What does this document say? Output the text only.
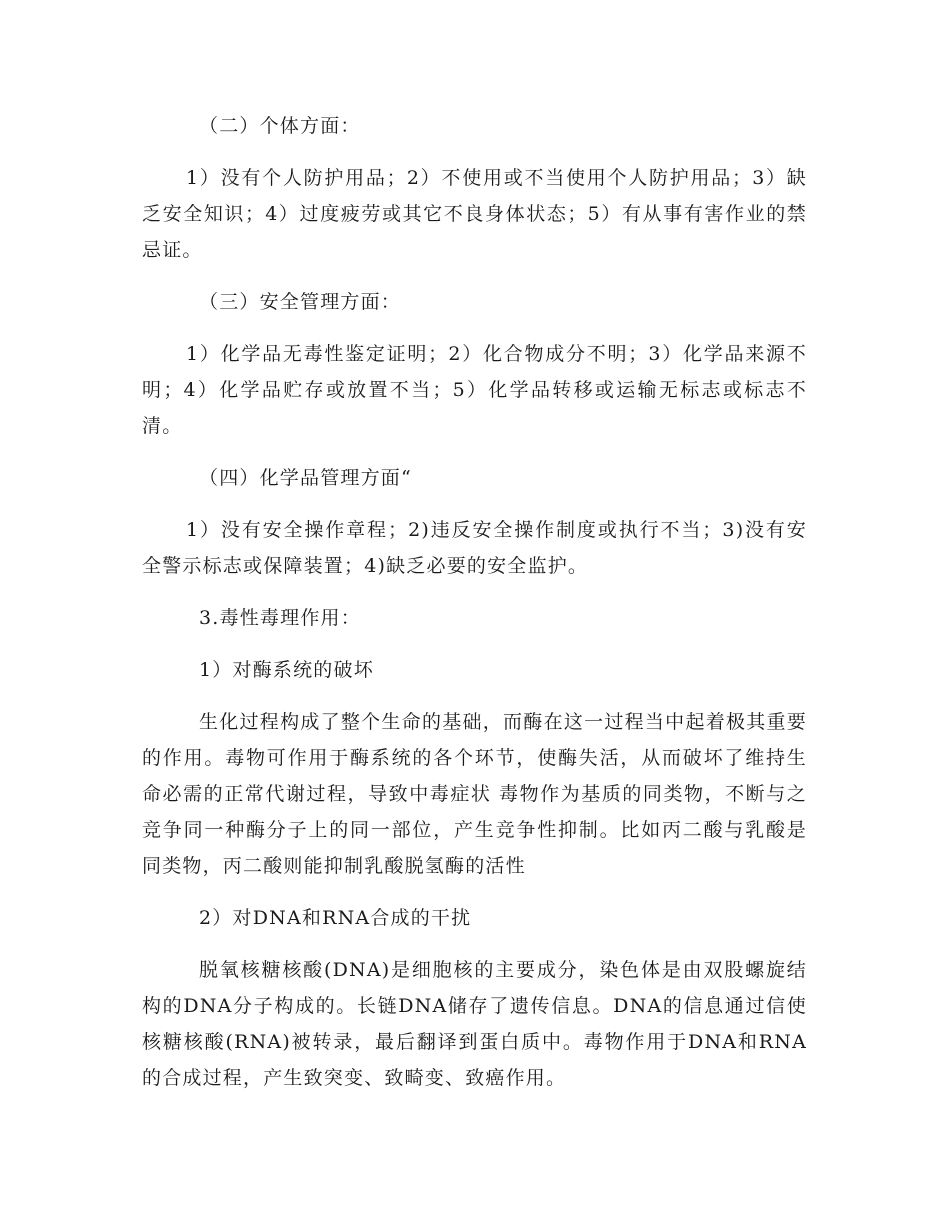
（二）个体方面：

1）没有个人防护用品；2）不使用或不当使用个人防护用品；3）缺乏安全知识；4）过度疲劳或其它不良身体状态；5）有从事有害作业的禁忌证。

（三）安全管理方面：

1）化学品无毒性鉴定证明；2）化合物成分不明；3）化学品来源不明；4）化学品贮存或放置不当；5）化学品转移或运输无标志或标志不清。

（四）化学品管理方面“

1）没有安全操作章程；2)违反安全操作制度或执行不当；3)没有安全警示标志或保障装置；4)缺乏必要的安全监护。

3.毒性毒理作用：
1）对酶系统的破坏

生化过程构成了整个生命的基础，而酶在这一过程当中起着极其重要的作用。毒物可作用于酶系统的各个环节，使酶失活，从而破坏了维持生命必需的正常代谢过程，导致中毒症状 毒物作为基质的同类物，不断与之竞争同一种酶分子上的同一部位，产生竞争性抑制。比如丙二酸与乳酸是同类物，丙二酸则能抑制乳酸脱氢酶的活性

2）对DNA和RNA合成的干扰

脱氧核糖核酸(DNA)是细胞核的主要成分，染色体是由双股螺旋结构的DNA分子构成的。长链DNA储存了遗传信息。DNA的信息通过信使核糖核酸(RNA)被转录，最后翻译到蛋白质中。毒物作用于DNA和RNA的合成过程，产生致突变、致畸变、致癌作用。
